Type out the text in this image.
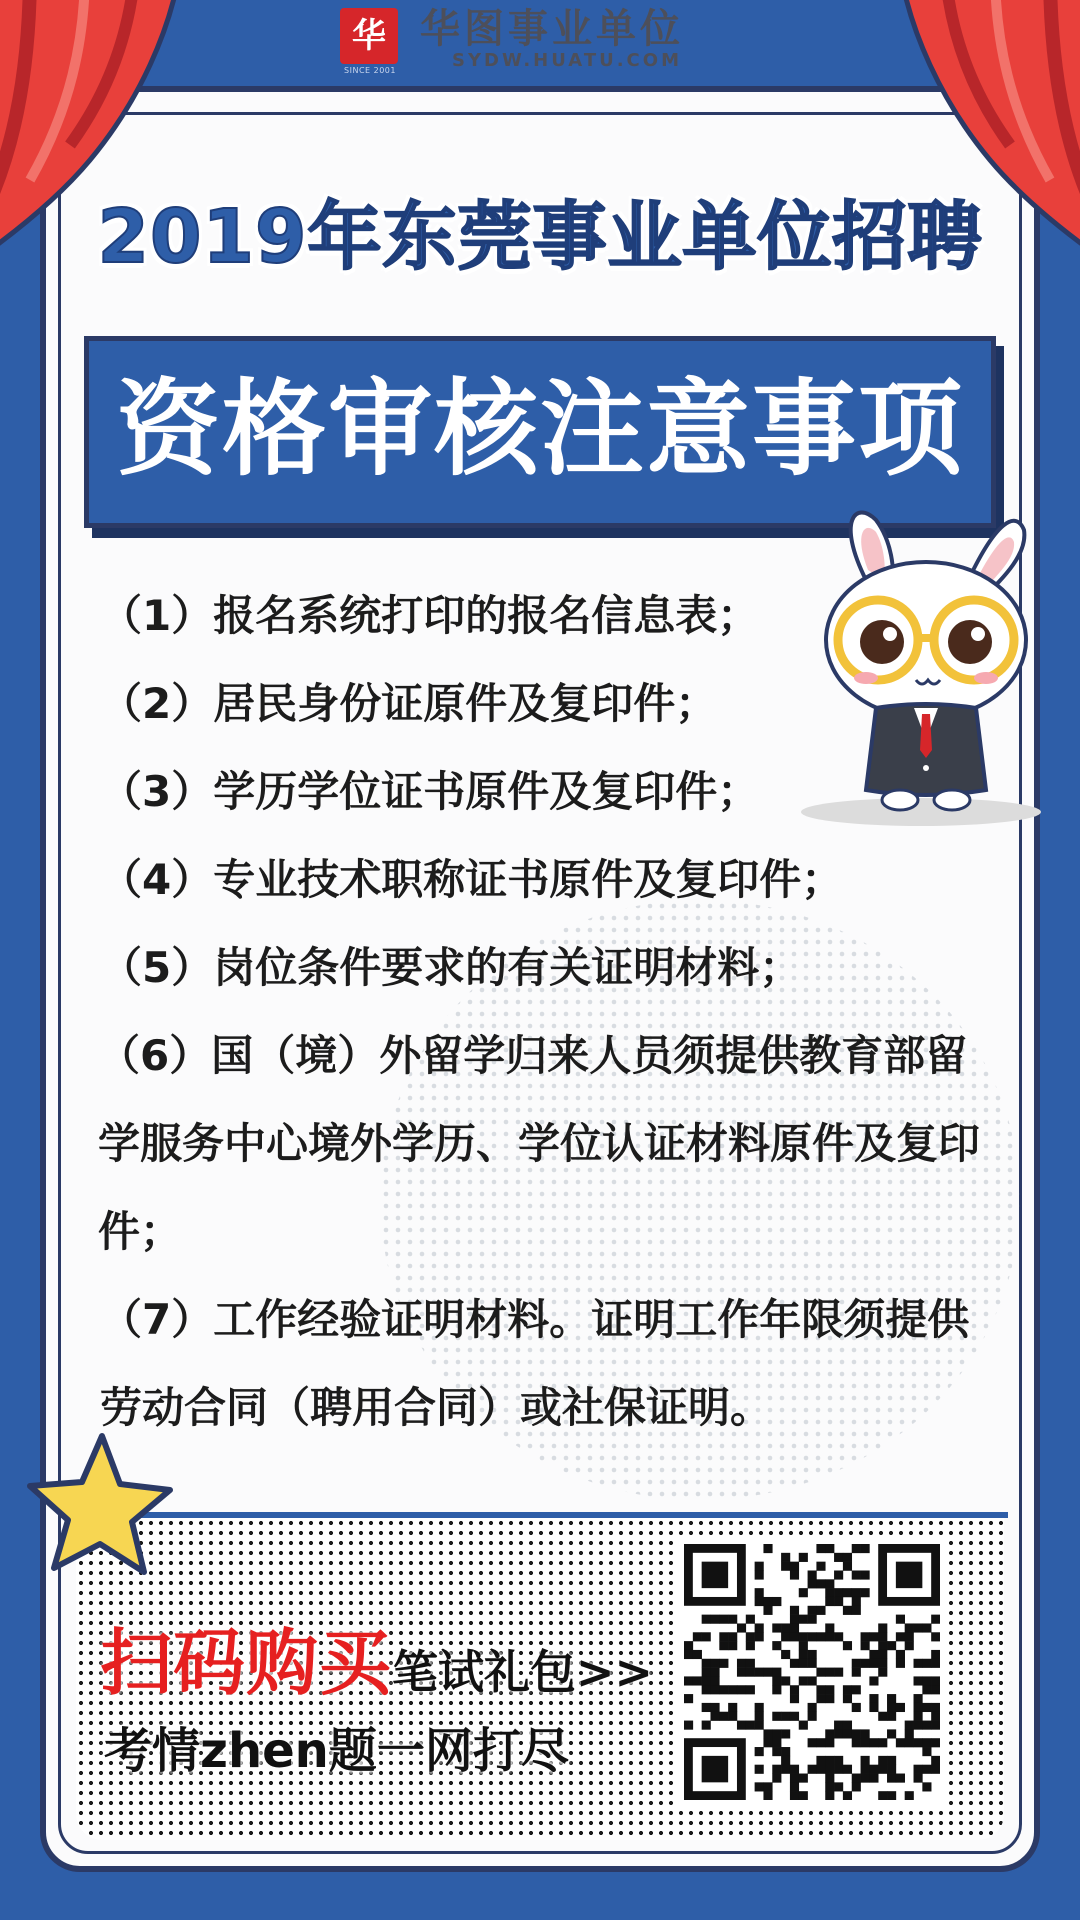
华
SINCE 2001
华图事业单位
SYDW.HUATU.COM
2019年东莞事业单位招聘
资格审核注意事项

（1）报名系统打印的报名信息表；

（2）居民身份证原件及复印件；

（3）学历学位证书原件及复印件；

（4）专业技术职称证书原件及复印件；

（5）岗位条件要求的有关证明材料；

（6）国（境）外留学归来人员须提供教育部留学服务中心境外学历、学位认证材料原件及复印件；

（7）工作经验证明材料。证明工作年限须提供劳动合同（聘用合同）或社保证明。

扫码购买笔试礼包>>
考情zhen题一网打尽
